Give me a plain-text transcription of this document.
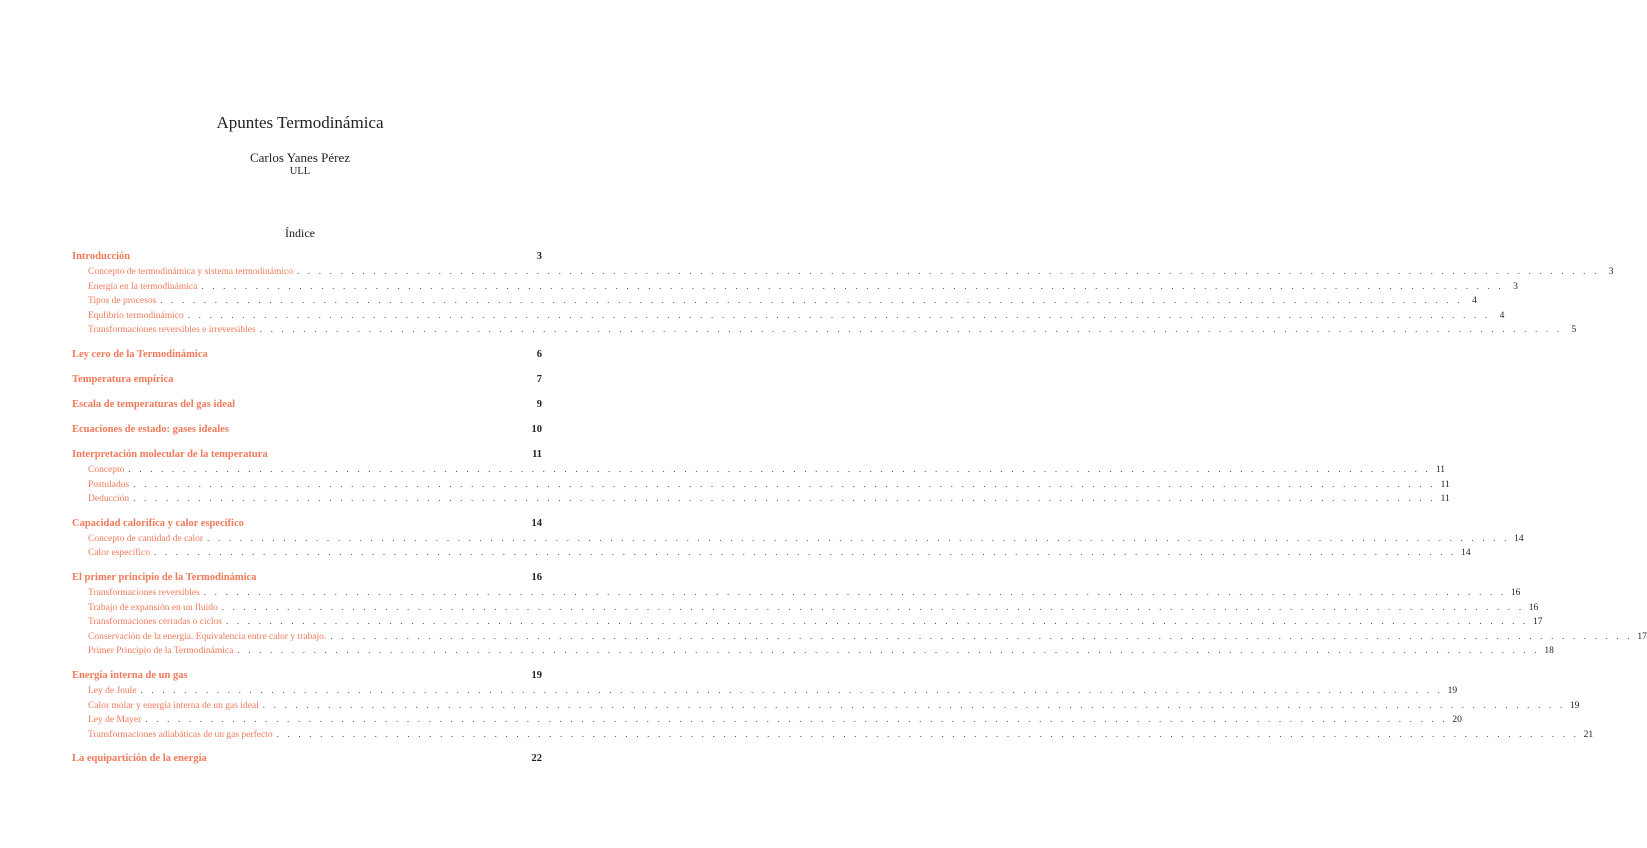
Apuntes Termodinámica
Carlos Yanes Pérez
ULL
Índice
Introducción	3
Concepto de termodinámica y sistema termodinámico . . . . . . . . . . . . . . . . . . . . . . . . . . . . . . . . . . . . . . . . . . . . . . . . . . . . . . . . . . . . . . . . . . . . . . . . . . . . . . . . . . . . . . . . . . . . . . . . . . . . . . . . . . . . . . . . . . . . . . . . 3
Energía en la termodinámica . . . . . . . . . . . . . . . . . . . . . . . . . . . . . . . . . . . . . . . . . . . . . . . . . . . . . . . . . . . . . . . . . . . . . . . . . . . . . . . . . . . . . . . . . . . . . . . . . . . . . . . . . . . . . . . . . . . . . . . . 3
Tipos de procesos . . . . . . . . . . . . . . . . . . . . . . . . . . . . . . . . . . . . . . . . . . . . . . . . . . . . . . . . . . . . . . . . . . . . . . . . . . . . . . . . . . . . . . . . . . . . . . . . . . . . . . . . . . . . . . . . . . . . . . . . 4
Equlibrio termodinámico . . . . . . . . . . . . . . . . . . . . . . . . . . . . . . . . . . . . . . . . . . . . . . . . . . . . . . . . . . . . . . . . . . . . . . . . . . . . . . . . . . . . . . . . . . . . . . . . . . . . . . . . . . . . . . . . . . . . . . . . 4
Transformaciones reversibles e irreversibles . . . . . . . . . . . . . . . . . . . . . . . . . . . . . . . . . . . . . . . . . . . . . . . . . . . . . . . . . . . . . . . . . . . . . . . . . . . . . . . . . . . . . . . . . . . . . . . . . . . . . . . . . . . . . . . . . . . . . . . . 5
Ley cero de la Termodinámica	6
Temperatura empírica	7
Escala de temperaturas del gas ideal	9
Ecuaciones de estado: gases ideales	10
Interpretación molecular de la temperatura	11
Concepto . . . . . . . . . . . . . . . . . . . . . . . . . . . . . . . . . . . . . . . . . . . . . . . . . . . . . . . . . . . . . . . . . . . . . . . . . . . . . . . . . . . . . . . . . . . . . . . . . . . . . . . . . . . . . . . . . . . . . . . . 11
Postulados . . . . . . . . . . . . . . . . . . . . . . . . . . . . . . . . . . . . . . . . . . . . . . . . . . . . . . . . . . . . . . . . . . . . . . . . . . . . . . . . . . . . . . . . . . . . . . . . . . . . . . . . . . . . . . . . . . . . . . . . 11
Deducción . . . . . . . . . . . . . . . . . . . . . . . . . . . . . . . . . . . . . . . . . . . . . . . . . . . . . . . . . . . . . . . . . . . . . . . . . . . . . . . . . . . . . . . . . . . . . . . . . . . . . . . . . . . . . . . . . . . . . . . . 11
Capacidad calorífica y calor específico	14
Concepto de cantidad de calor . . . . . . . . . . . . . . . . . . . . . . . . . . . . . . . . . . . . . . . . . . . . . . . . . . . . . . . . . . . . . . . . . . . . . . . . . . . . . . . . . . . . . . . . . . . . . . . . . . . . . . . . . . . . . . . . . . . . . . . . 14
Calor específico . . . . . . . . . . . . . . . . . . . . . . . . . . . . . . . . . . . . . . . . . . . . . . . . . . . . . . . . . . . . . . . . . . . . . . . . . . . . . . . . . . . . . . . . . . . . . . . . . . . . . . . . . . . . . . . . . . . . . . . . 14
El primer principio de la Termodinámica	16
Transformaciones reversibles . . . . . . . . . . . . . . . . . . . . . . . . . . . . . . . . . . . . . . . . . . . . . . . . . . . . . . . . . . . . . . . . . . . . . . . . . . . . . . . . . . . . . . . . . . . . . . . . . . . . . . . . . . . . . . . . . . . . . . . . 16
Trabajo de expansión en un fluido . . . . . . . . . . . . . . . . . . . . . . . . . . . . . . . . . . . . . . . . . . . . . . . . . . . . . . . . . . . . . . . . . . . . . . . . . . . . . . . . . . . . . . . . . . . . . . . . . . . . . . . . . . . . . . . . . . . . . . . . 16
Transformaciones cerradas o ciclos . . . . . . . . . . . . . . . . . . . . . . . . . . . . . . . . . . . . . . . . . . . . . . . . . . . . . . . . . . . . . . . . . . . . . . . . . . . . . . . . . . . . . . . . . . . . . . . . . . . . . . . . . . . . . . . . . . . . . . . . 17
Conservación de la energía. Equivalencia entre calor y trabajo. . . . . . . . . . . . . . . . . . . . . . . . . . . . . . . . . . . . . . . . . . . . . . . . . . . . . . . . . . . . . . . . . . . . . . . . . . . . . . . . . . . . . . . . . . . . . . . . . . . . . . . . . . . . . . . . . . . . . . . . . 17
Primer Principio de la Termodinámica . . . . . . . . . . . . . . . . . . . . . . . . . . . . . . . . . . . . . . . . . . . . . . . . . . . . . . . . . . . . . . . . . . . . . . . . . . . . . . . . . . . . . . . . . . . . . . . . . . . . . . . . . . . . . . . . . . . . . . . . 18
Energía interna de un gas	19
Ley de Joule . . . . . . . . . . . . . . . . . . . . . . . . . . . . . . . . . . . . . . . . . . . . . . . . . . . . . . . . . . . . . . . . . . . . . . . . . . . . . . . . . . . . . . . . . . . . . . . . . . . . . . . . . . . . . . . . . . . . . . . . 19
Calor molar y energía interna de un gas ideal . . . . . . . . . . . . . . . . . . . . . . . . . . . . . . . . . . . . . . . . . . . . . . . . . . . . . . . . . . . . . . . . . . . . . . . . . . . . . . . . . . . . . . . . . . . . . . . . . . . . . . . . . . . . . . . . . . . . . . . . 19
Ley de Mayer . . . . . . . . . . . . . . . . . . . . . . . . . . . . . . . . . . . . . . . . . . . . . . . . . . . . . . . . . . . . . . . . . . . . . . . . . . . . . . . . . . . . . . . . . . . . . . . . . . . . . . . . . . . . . . . . . . . . . . . . 20
Transformaciones adiabáticas de un gas perfecto . . . . . . . . . . . . . . . . . . . . . . . . . . . . . . . . . . . . . . . . . . . . . . . . . . . . . . . . . . . . . . . . . . . . . . . . . . . . . . . . . . . . . . . . . . . . . . . . . . . . . . . . . . . . . . . . . . . . . . . . 21
La equipartición de la energía	22
